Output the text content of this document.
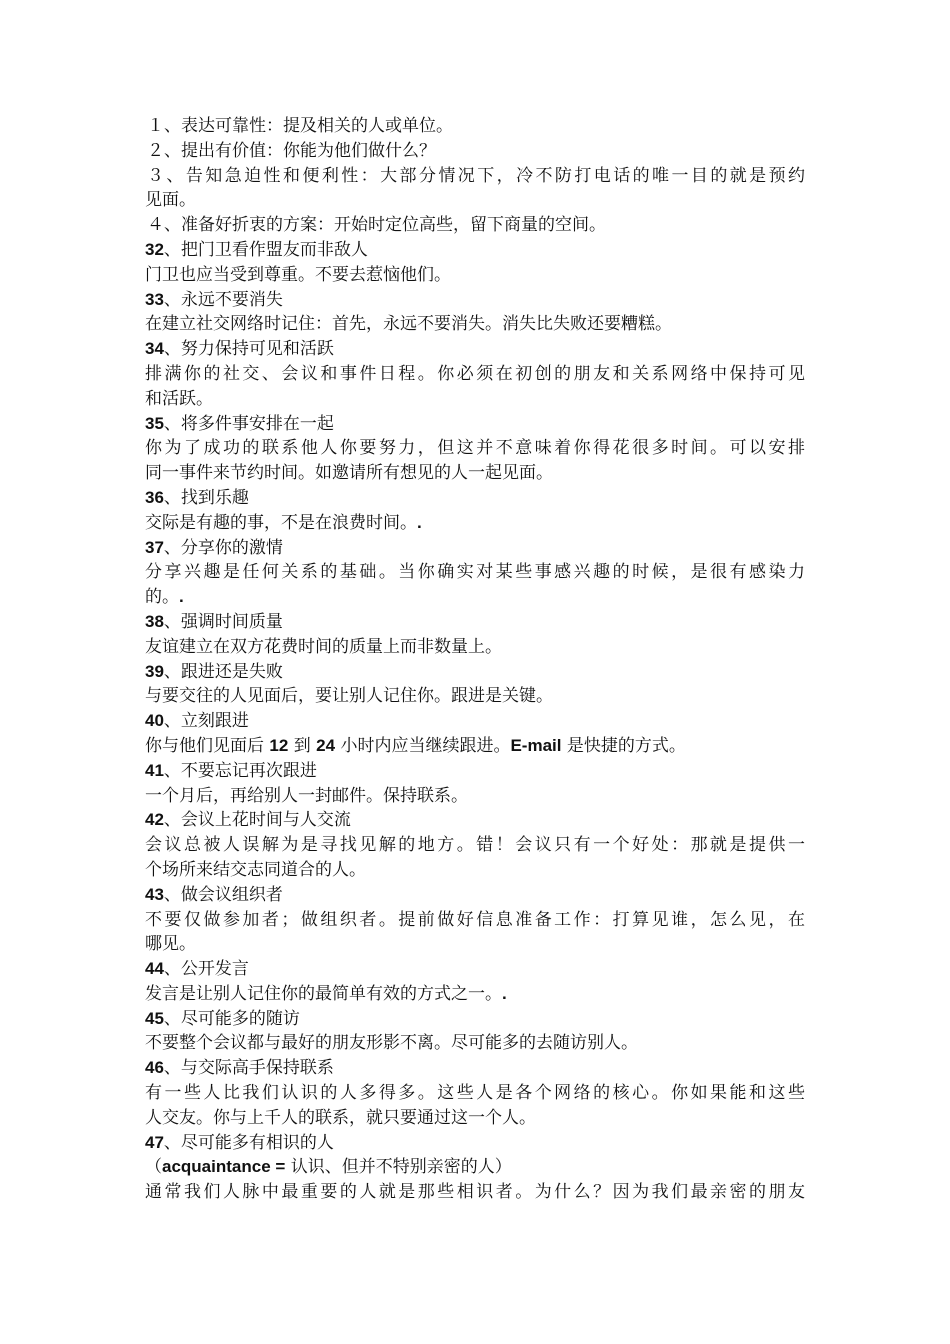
１、表达可靠性：提及相关的人或单位。
２、提出有价值：你能为他们做什么？
３、告知急迫性和便利性：大部分情况下，冷不防打电话的唯一目的就是预约
见面。
４、准备好折衷的方案：开始时定位高些，留下商量的空间。
32、把门卫看作盟友而非敌人
门卫也应当受到尊重。不要去惹恼他们。
33、永远不要消失
在建立社交网络时记住：首先，永远不要消失。消失比失败还要糟糕。
34、努力保持可见和活跃
排满你的社交、会议和事件日程。你必须在初创的朋友和关系网络中保持可见
和活跃。
35、将多件事安排在一起
你为了成功的联系他人你要努力，但这并不意味着你得花很多时间。可以安排
同一事件来节约时间。如邀请所有想见的人一起见面。
36、找到乐趣
交际是有趣的事，不是在浪费时间。.
37、分享你的激情
分享兴趣是任何关系的基础。当你确实对某些事感兴趣的时候，是很有感染力
的。.
38、强调时间质量
友谊建立在双方花费时间的质量上而非数量上。
39、跟进还是失败
与要交往的人见面后，要让别人记住你。跟进是关键。
40、立刻跟进
你与他们见面后 12 到 24 小时内应当继续跟进。E-mail 是快捷的方式。
41、不要忘记再次跟进
一个月后，再给别人一封邮件。保持联系。
42、会议上花时间与人交流
会议总被人误解为是寻找见解的地方。错！会议只有一个好处：那就是提供一
个场所来结交志同道合的人。
43、做会议组织者
不要仅做参加者；做组织者。提前做好信息准备工作：打算见谁，怎么见，在
哪见。
44、公开发言
发言是让别人记住你的最简单有效的方式之一。.
45、尽可能多的随访
不要整个会议都与最好的朋友形影不离。尽可能多的去随访别人。
46、与交际高手保持联系
有一些人比我们认识的人多得多。这些人是各个网络的核心。你如果能和这些
人交友。你与上千人的联系，就只要通过这一个人。
47、尽可能多有相识的人
（acquaintance = 认识、但并不特别亲密的人）
通常我们人脉中最重要的人就是那些相识者。为什么？因为我们最亲密的朋友
